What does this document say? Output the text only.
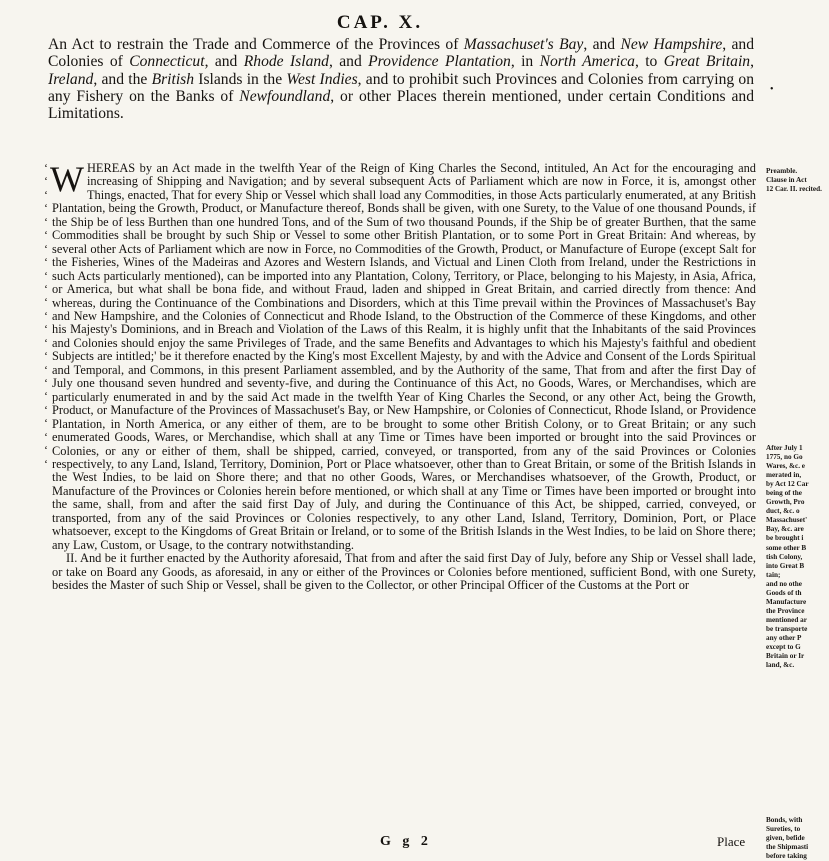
CAP. X.
•
An Act to restrain the Trade and Commerce of the Provinces of Massachuset's Bay, and New Hampshire, and Colonies of Connecticut, and Rhode Island, and Providence Plantation, in North America, to Great Britain, Ireland, and the British Islands in the West Indies, and to prohibit such Provinces and Colonies from carrying on any Fishery on the Banks of Newfoundland, or other Places therein mentioned, under certain Conditions and Limitations.
‘
‘
‘
‘
‘
‘
‘
‘
‘
‘
‘
‘
‘
‘
‘
‘
‘
‘
‘
‘
‘
‘
‘

WHEREAS by an Act made in the twelfth Year of the Reign of King Charles the Second, intituled, An Act for the encouraging and increasing of Shipping and Navigation; and by several subsequent Acts of Parliament which are now in Force, it is, amongst other Things, enacted, That for every Ship or Vessel which shall load any Commodities, in those Acts particularly enumerated, at any British Plantation, being the Growth, Product, or Manufacture thereof, Bonds shall be given, with one Surety, to the Value of one thousand Pounds, if the Ship be of less Burthen than one hundred Tons, and of the Sum of two thousand Pounds, if the Ship be of greater Burthen, that the same Commodities shall be brought by such Ship or Vessel to some other British Plantation, or to some Port in Great Britain: And whereas, by several other Acts of Parliament which are now in Force, no Commodities of the Growth, Product, or Manufacture of Europe (except Salt for the Fisheries, Wines of the Madeiras and Azores and Western Islands, and Victual and Linen Cloth from Ireland, under the Restrictions in such Acts particularly mentioned), can be imported into any Plantation, Colony, Territory, or Place, belonging to his Majesty, in Asia, Africa, or America, but what shall be bona fide, and without Fraud, laden and shipped in Great Britain, and carried directly from thence: And whereas, during the Continuance of the Combinations and Disorders, which at this Time prevail within the Provinces of Massachuset's Bay and New Hampshire, and the Colonies of Connecticut and Rhode Island, to the Obstruction of the Commerce of these Kingdoms, and other his Majesty's Dominions, and in Breach and Violation of the Laws of this Realm, it is highly unfit that the Inhabitants of the said Provinces and Colonies should enjoy the same Privileges of Trade, and the same Benefits and Advantages to which his Majesty's faithful and obedient Subjects are intitled;' be it therefore enacted by the King's most Excellent Majesty, by and with the Advice and Consent of the Lords Spiritual and Temporal, and Commons, in this present Parliament assembled, and by the Authority of the same, That from and after the first Day of July one thousand seven hundred and seventy-five, and during the Continuance of this Act, no Goods, Wares, or Merchandises, which are particularly enumerated in and by the said Act made in the twelfth Year of King Charles the Second, or any other Act, being the Growth, Product, or Manufacture of the Provinces of Massachuset's Bay, or New Hampshire, or Colonies of Connecticut, Rhode Island, or Providence Plantation, in North America, or any either of them, are to be brought to some other British Colony, or to Great Britain; or any such enumerated Goods, Wares, or Merchandise, which shall at any Time or Times have been imported or brought into the said Provinces or Colonies, or any or either of them, shall be shipped, carried, conveyed, or transported, from any of the said Provinces or Colonies respectively, to any Land, Island, Territory, Dominion, Port or Place whatsoever, other than to Great Britain, or some of the British Islands in the West Indies, to be laid on Shore there; and that no other Goods, Wares, or Merchandises whatsoever, of the Growth, Product, or Manufacture of the Provinces or Colonies herein before mentioned, or which shall at any Time or Times have been imported or brought into the same, shall, from and after the said first Day of July, and during the Continuance of this Act, be shipped, carried, conveyed, or transported, from any of the said Provinces or Colonies respectively, to any other Land, Island, Territory, Dominion, Port, or Place whatsoever, except to the Kingdoms of Great Britain or Ireland, or to some of the British Islands in the West Indies, to be laid on Shore there; any Law, Custom, or Usage, to the contrary notwithstanding.

II. And be it further enacted by the Authority aforesaid, That from and after the said first Day of July, before any Ship or Vessel shall lade, or take on Board any Goods, as aforesaid, in any or either of the Provinces or Colonies before mentioned, sufficient Bond, with one Surety, besides the Master of such Ship or Vessel, shall be given to the Collector, or other Principal Officer of the Customs at the Port or

Preamble.
Clause in Act
12 Car. II. recited.
After July 1
1775, no Go
Wares, &c. e
merated in,
by Act 12 Car
being of the
Growth, Pro
duct, &c. o
Massachuset'
Bay, &c. are
be brought i
some other B
tish Colony,
into Great B
tain;
and no othe
Goods of th
Manufacture
the Province
mentioned ar
be transporte
any other P
except to G
Britain or Ir
land, &c.
Bonds, with
Sureties, to
given, befide
the Shipmasti
before taking
G g 2	Place
